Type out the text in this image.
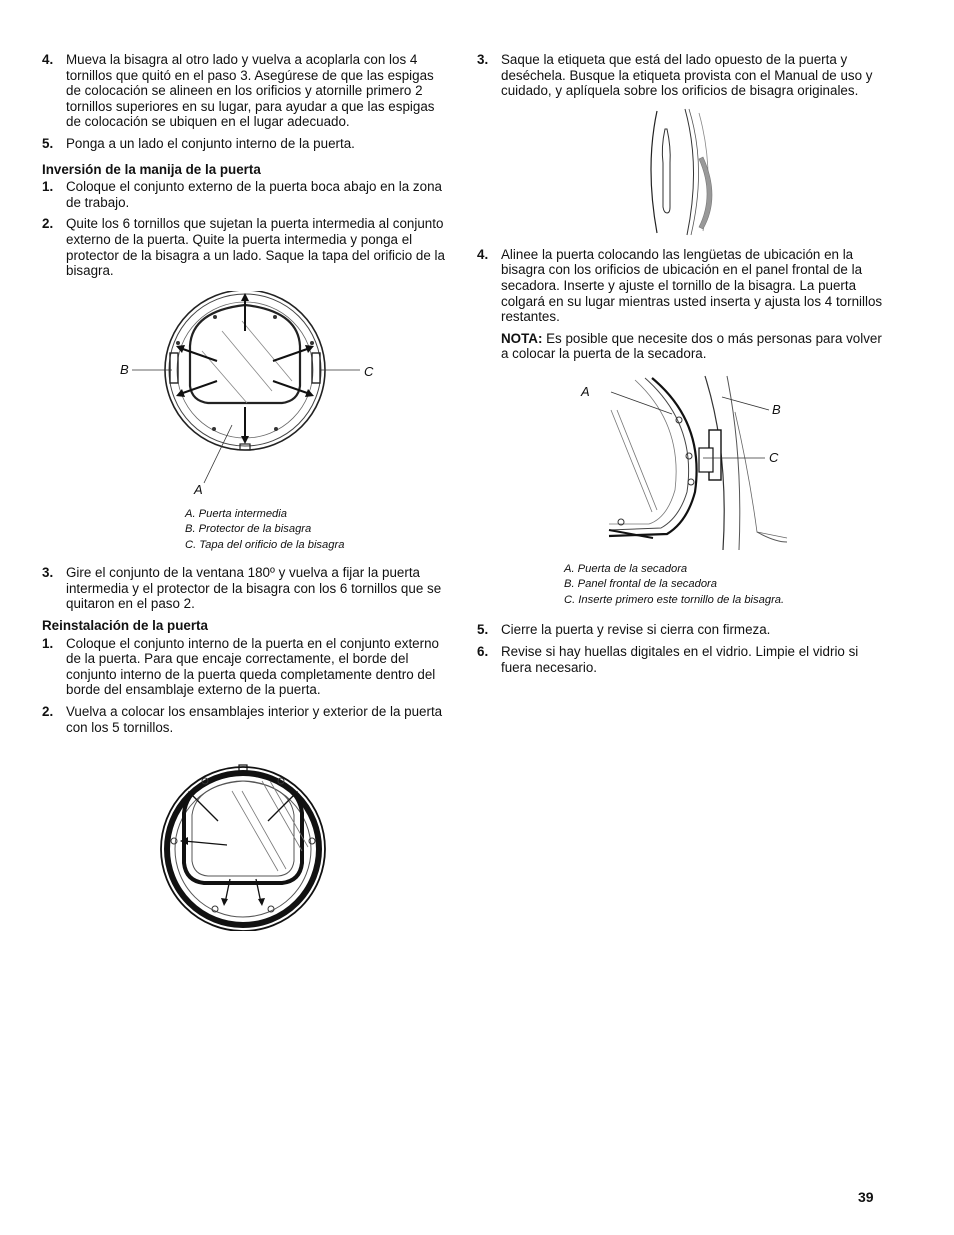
4. Mueva la bisagra al otro lado y vuelva a acoplarla con los 4 tornillos que quitó en el paso 3. Asegúrese de que las espigas de colocación se alineen en los orificios y atornille primero 2 tornillos superiores en su lugar, para ayudar a que las espigas de colocación se ubiquen en el lugar adecuado.
5. Ponga a un lado el conjunto interno de la puerta.
Inversión de la manija de la puerta
1. Coloque el conjunto externo de la puerta boca abajo en la zona de trabajo.
2. Quite los 6 tornillos que sujetan la puerta intermedia al conjunto externo de la puerta. Quite la puerta intermedia y ponga el protector de la bisagra a un lado. Saque la tapa del orificio de la bisagra.
B	C
A
A. Puerta intermedia
B. Protector de la bisagra
C. Tapa del orificio de la bisagra
3. Gire el conjunto de la ventana 180º y vuelva a fijar la puerta intermedia y el protector de la bisagra con los 6 tornillos que se quitaron en el paso 2.
Reinstalación de la puerta
1. Coloque el conjunto interno de la puerta en el conjunto externo de la puerta. Para que encaje correctamente, el borde del conjunto interno de la puerta queda completamente dentro del borde del ensamblaje externo de la puerta.
2. Vuelva a colocar los ensamblajes interior y exterior de la puerta con los 5 tornillos.
3. Saque la etiqueta que está del lado opuesto de la puerta y deséchela. Busque la etiqueta provista con el Manual de uso y cuidado, y aplíquela sobre los orificios de bisagra originales.
4. Alinee la puerta colocando las lengüetas de ubicación en la bisagra con los orificios de ubicación en el panel frontal de la secadora. Inserte y ajuste el tornillo de la bisagra. La puerta colgará en su lugar mientras usted inserta y ajusta los 4 tornillos restantes.
NOTA: Es posible que necesite dos o más personas para volver a colocar la puerta de la secadora.
A
B
C
A. Puerta de la secadora
B. Panel frontal de la secadora
C. Inserte primero este tornillo de la bisagra.
5. Cierre la puerta y revise si cierra con firmeza.
6. Revise si hay huellas digitales en el vidrio. Limpie el vidrio si fuera necesario.
39
